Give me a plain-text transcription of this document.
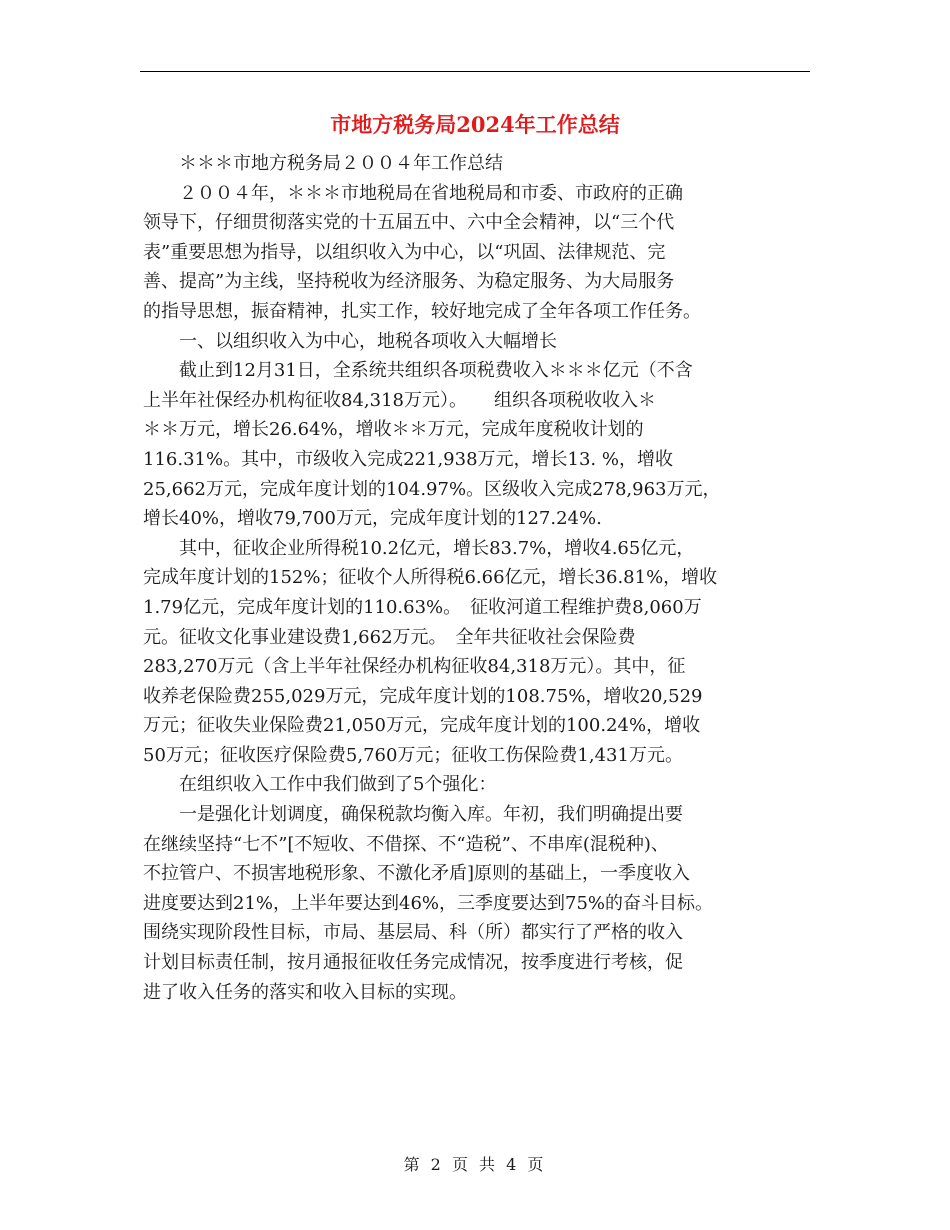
市地方税务局2024年工作总结

＊＊＊市地方税务局２００４年工作总结

２００４年，＊＊＊市地税局在省地税局和市委、市政府的正确

领导下，仔细贯彻落实党的十五届五中、六中全会精神，以“三个代

表”重要思想为指导，以组织收入为中心，以“巩固、法律规范、完

善、提高”为主线，坚持税收为经济服务、为稳定服务、为大局服务

的指导思想，振奋精神，扎实工作，较好地完成了全年各项工作任务。

一、以组织收入为中心，地税各项收入大幅增长

截止到12月31日，全系统共组织各项税费收入＊＊＊亿元（不含

上半年社保经办机构征收84,318万元）。　　组织各项税收收入＊

＊＊万元，增长26.64%，增收＊＊万元，完成年度税收计划的

116.31%。其中，市级收入完成221,938万元，增长13. %，增收

25,662万元，完成年度计划的104.97%。区级收入完成278,963万元，

增长40%，增收79,700万元，完成年度计划的127.24%.

其中，征收企业所得税10.2亿元，增长83.7%，增收4.65亿元，

完成年度计划的152%；征收个人所得税6.66亿元，增长36.81%，增收

1.79亿元，完成年度计划的110.63%。　征收河道工程维护费8,060万

元。征收文化事业建设费1,662万元。　全年共征收社会保险费

283,270万元（含上半年社保经办机构征收84,318万元）。其中，征

收养老保险费255,029万元，完成年度计划的108.75%，增收20,529

万元；征收失业保险费21,050万元，完成年度计划的100.24%，增收

50万元；征收医疗保险费5,760万元；征收工伤保险费1,431万元。

在组织收入工作中我们做到了5个强化：

一是强化计划调度，确保税款均衡入库。年初，我们明确提出要

在继续坚持“七不”[不短收、不借探、不“造税”、不串库(混税种)、

不拉管户、不损害地税形象、不激化矛盾]原则的基础上，一季度收入

进度要达到21%，上半年要达到46%，三季度要达到75%的奋斗目标。

围绕实现阶段性目标，市局、基层局、科（所）都实行了严格的收入

计划目标责任制，按月通报征收任务完成情况，按季度进行考核，促

进了收入任务的落实和收入目标的实现。

第 2 页 共 4 页
